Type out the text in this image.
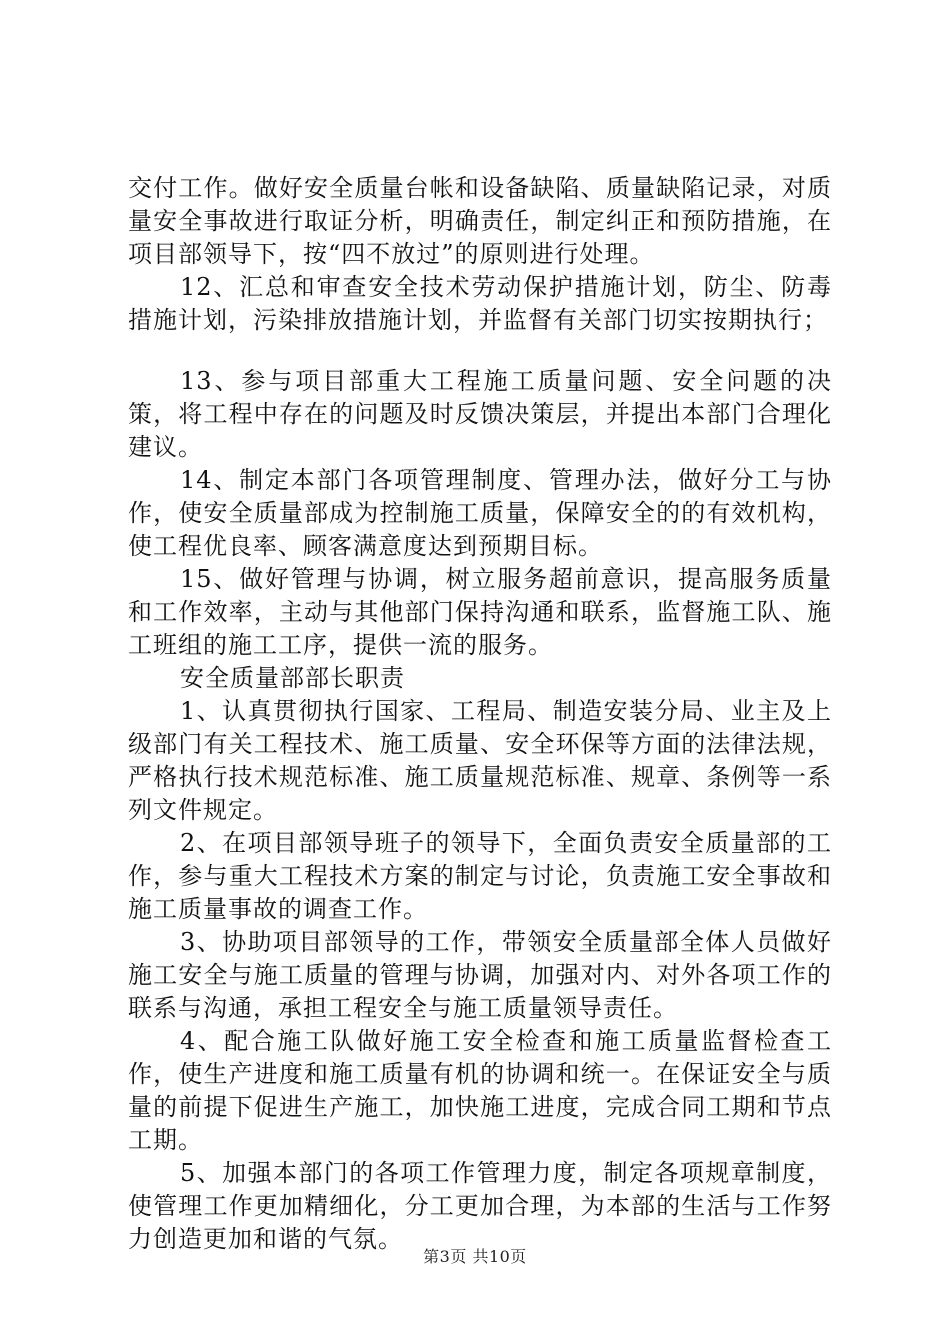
交付工作。做好安全质量台帐和设备缺陷、质量缺陷记录，对质量安全事故进行取证分析，明确责任，制定纠正和预防措施，在项目部领导下，按“四不放过”的原则进行处理。

12、汇总和审查安全技术劳动保护措施计划，防尘、防毒措施计划，污染排放措施计划，并监督有关部门切实按期执行；

13、参与项目部重大工程施工质量问题、安全问题的决策，将工程中存在的问题及时反馈决策层，并提出本部门合理化建议。

14、制定本部门各项管理制度、管理办法，做好分工与协作，使安全质量部成为控制施工质量，保障安全的的有效机构，使工程优良率、顾客满意度达到预期目标。

15、做好管理与协调，树立服务超前意识，提高服务质量和工作效率，主动与其他部门保持沟通和联系，监督施工队、施工班组的施工工序，提供一流的服务。

安全质量部部长职责

1、认真贯彻执行国家、工程局、制造安装分局、业主及上级部门有关工程技术、施工质量、安全环保等方面的法律法规，严格执行技术规范标准、施工质量规范标准、规章、条例等一系列文件规定。

2、在项目部领导班子的领导下，全面负责安全质量部的工作，参与重大工程技术方案的制定与讨论，负责施工安全事故和施工质量事故的调查工作。

3、协助项目部领导的工作，带领安全质量部全体人员做好施工安全与施工质量的管理与协调，加强对内、对外各项工作的联系与沟通，承担工程安全与施工质量领导责任。

4、配合施工队做好施工安全检查和施工质量监督检查工作，使生产进度和施工质量有机的协调和统一。在保证安全与质量的前提下促进生产施工，加快施工进度，完成合同工期和节点工期。

5、加强本部门的各项工作管理力度，制定各项规章制度，使管理工作更加精细化，分工更加合理，为本部的生活与工作努力创造更加和谐的气氛。

第3页 共10页
